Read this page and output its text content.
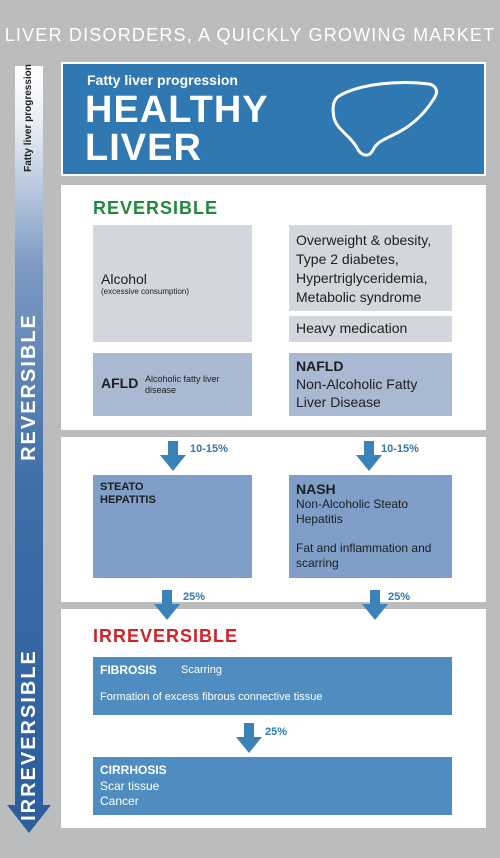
LIVER DISORDERS, A QUICKLY GROWING MARKET
Fatty liver progression
REVERSIBLE
IRREVERSIBLE
Fatty liver progression
HEALTHY
LIVER
REVERSIBLE
Alcohol
(excessive consumption)
Overweight & obesity,
Type 2 diabetes,
Hypertriglyceridemia,
Metabolic syndrome
Heavy medication
AFLD Alcoholic fatty liver disease
NAFLD
Non-Alcoholic Fatty Liver Disease
10-15%	10-15%
STEATO HEPATITIS
NASH
Non-Alcoholic Steato Hepatitis
Fat and inflammation and scarring
25%	25%
IRREVERSIBLE
FIBROSIS Scarring
Formation of excess fibrous connective tissue
25%
CIRRHOSIS
Scar tissue
Cancer
